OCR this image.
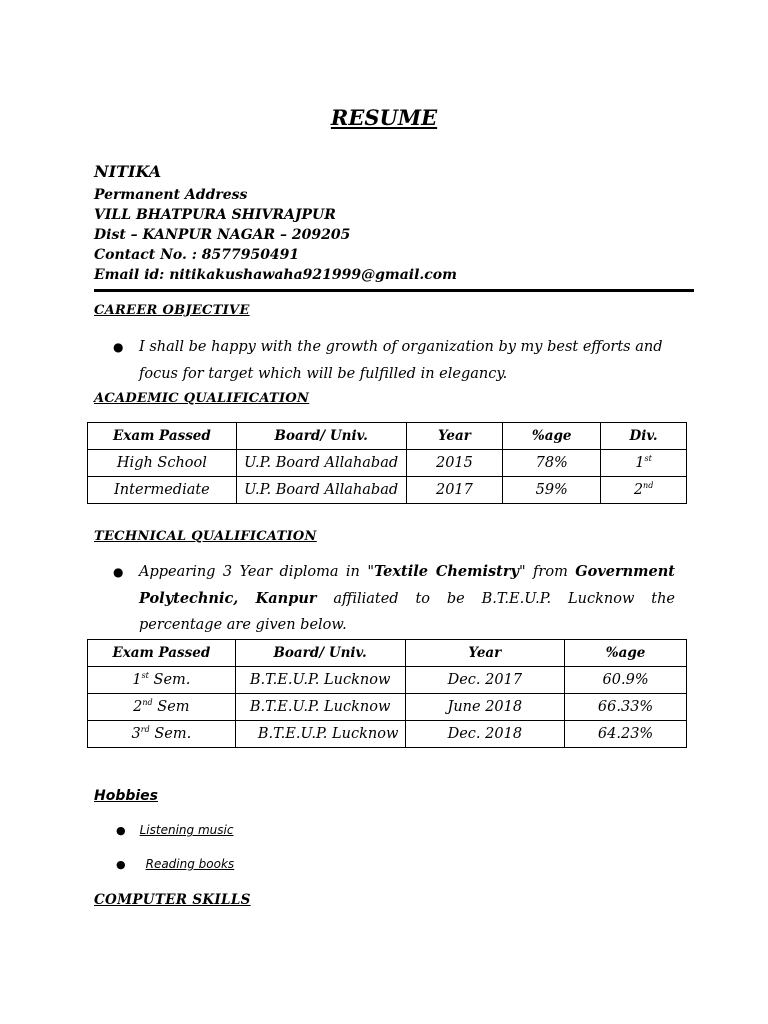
RESUME
NITIKA
Permanent Address
VILL BHATPURA SHIVRAJPUR
Dist – KANPUR NAGAR – 209205
Contact No. : 8577950491
Email id: nitikakushawaha921999@gmail.com
CAREER OBJECTIVE
● I shall be happy with the growth of organization by my best efforts and
focus for target which will be fulfilled in elegancy.
ACADEMIC QUALIFICATION
Exam Passed	Board/ Univ.	Year	%age	Div.
High School	U.P. Board Allahabad	2015	78%	1st
Intermediate	U.P. Board Allahabad	2017	59%	2nd
TECHNICAL QUALIFICATION
● Appearing 3 Year diploma in "Textile Chemistry" from Government Polytechnic, Kanpur affiliated to be B.T.E.U.P. Lucknow the percentage are given below.
Exam Passed	Board/ Univ.	Year	%age
1st Sem.	B.T.E.U.P. Lucknow	Dec. 2017	60.9%
2nd Sem	B.T.E.U.P. Lucknow	June 2018	66.33%
3rd Sem.	B.T.E.U.P. Lucknow	Dec. 2018	64.23%
Hobbies
● Listening music
● Reading books
COMPUTER SKILLS
